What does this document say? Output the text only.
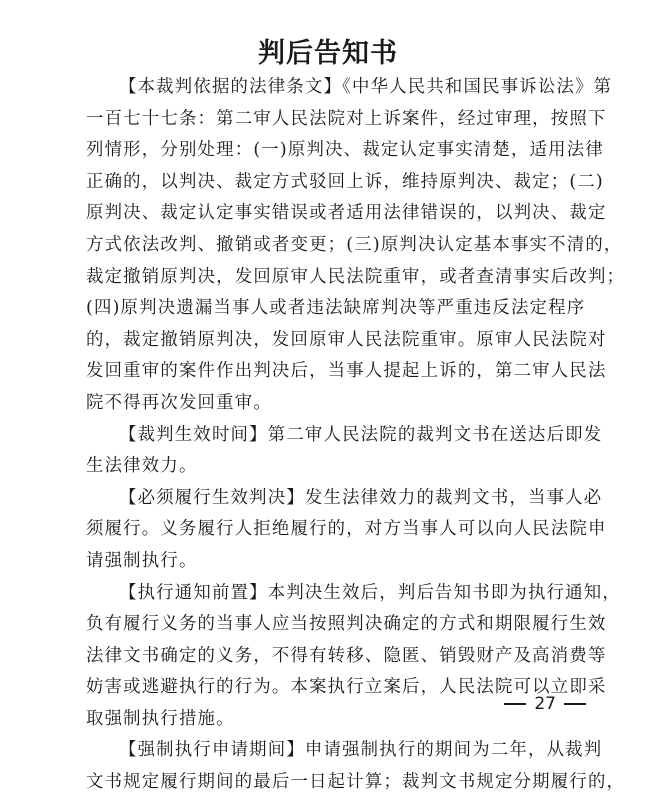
判后告知书
【本裁判依据的法律条文】《中华人民共和国民事诉讼法》第
一百七十七条：第二审人民法院对上诉案件，经过审理，按照下
列情形，分别处理：(一)原判决、裁定认定事实清楚，适用法律
正确的，以判决、裁定方式驳回上诉，维持原判决、裁定；(二)
原判决、裁定认定事实错误或者适用法律错误的，以判决、裁定
方式依法改判、撤销或者变更；(三)原判决认定基本事实不清的，
裁定撤销原判决，发回原审人民法院重审，或者查清事实后改判；
(四)原判决遗漏当事人或者违法缺席判决等严重违反法定程序
的，裁定撤销原判决，发回原审人民法院重审。原审人民法院对
发回重审的案件作出判决后，当事人提起上诉的，第二审人民法
院不得再次发回重审。
【裁判生效时间】第二审人民法院的裁判文书在送达后即发
生法律效力。
【必须履行生效判决】发生法律效力的裁判文书，当事人必
须履行。义务履行人拒绝履行的，对方当事人可以向人民法院申
请强制执行。
【执行通知前置】本判决生效后，判后告知书即为执行通知，
负有履行义务的当事人应当按照判决确定的方式和期限履行生效
法律文书确定的义务，不得有转移、隐匿、销毁财产及高消费等
妨害或逃避执行的行为。本案执行立案后，人民法院可以立即采
取强制执行措施。
【强制执行申请期间】申请强制执行的期间为二年，从裁判
文书规定履行期间的最后一日起计算；裁判文书规定分期履行的，
27
